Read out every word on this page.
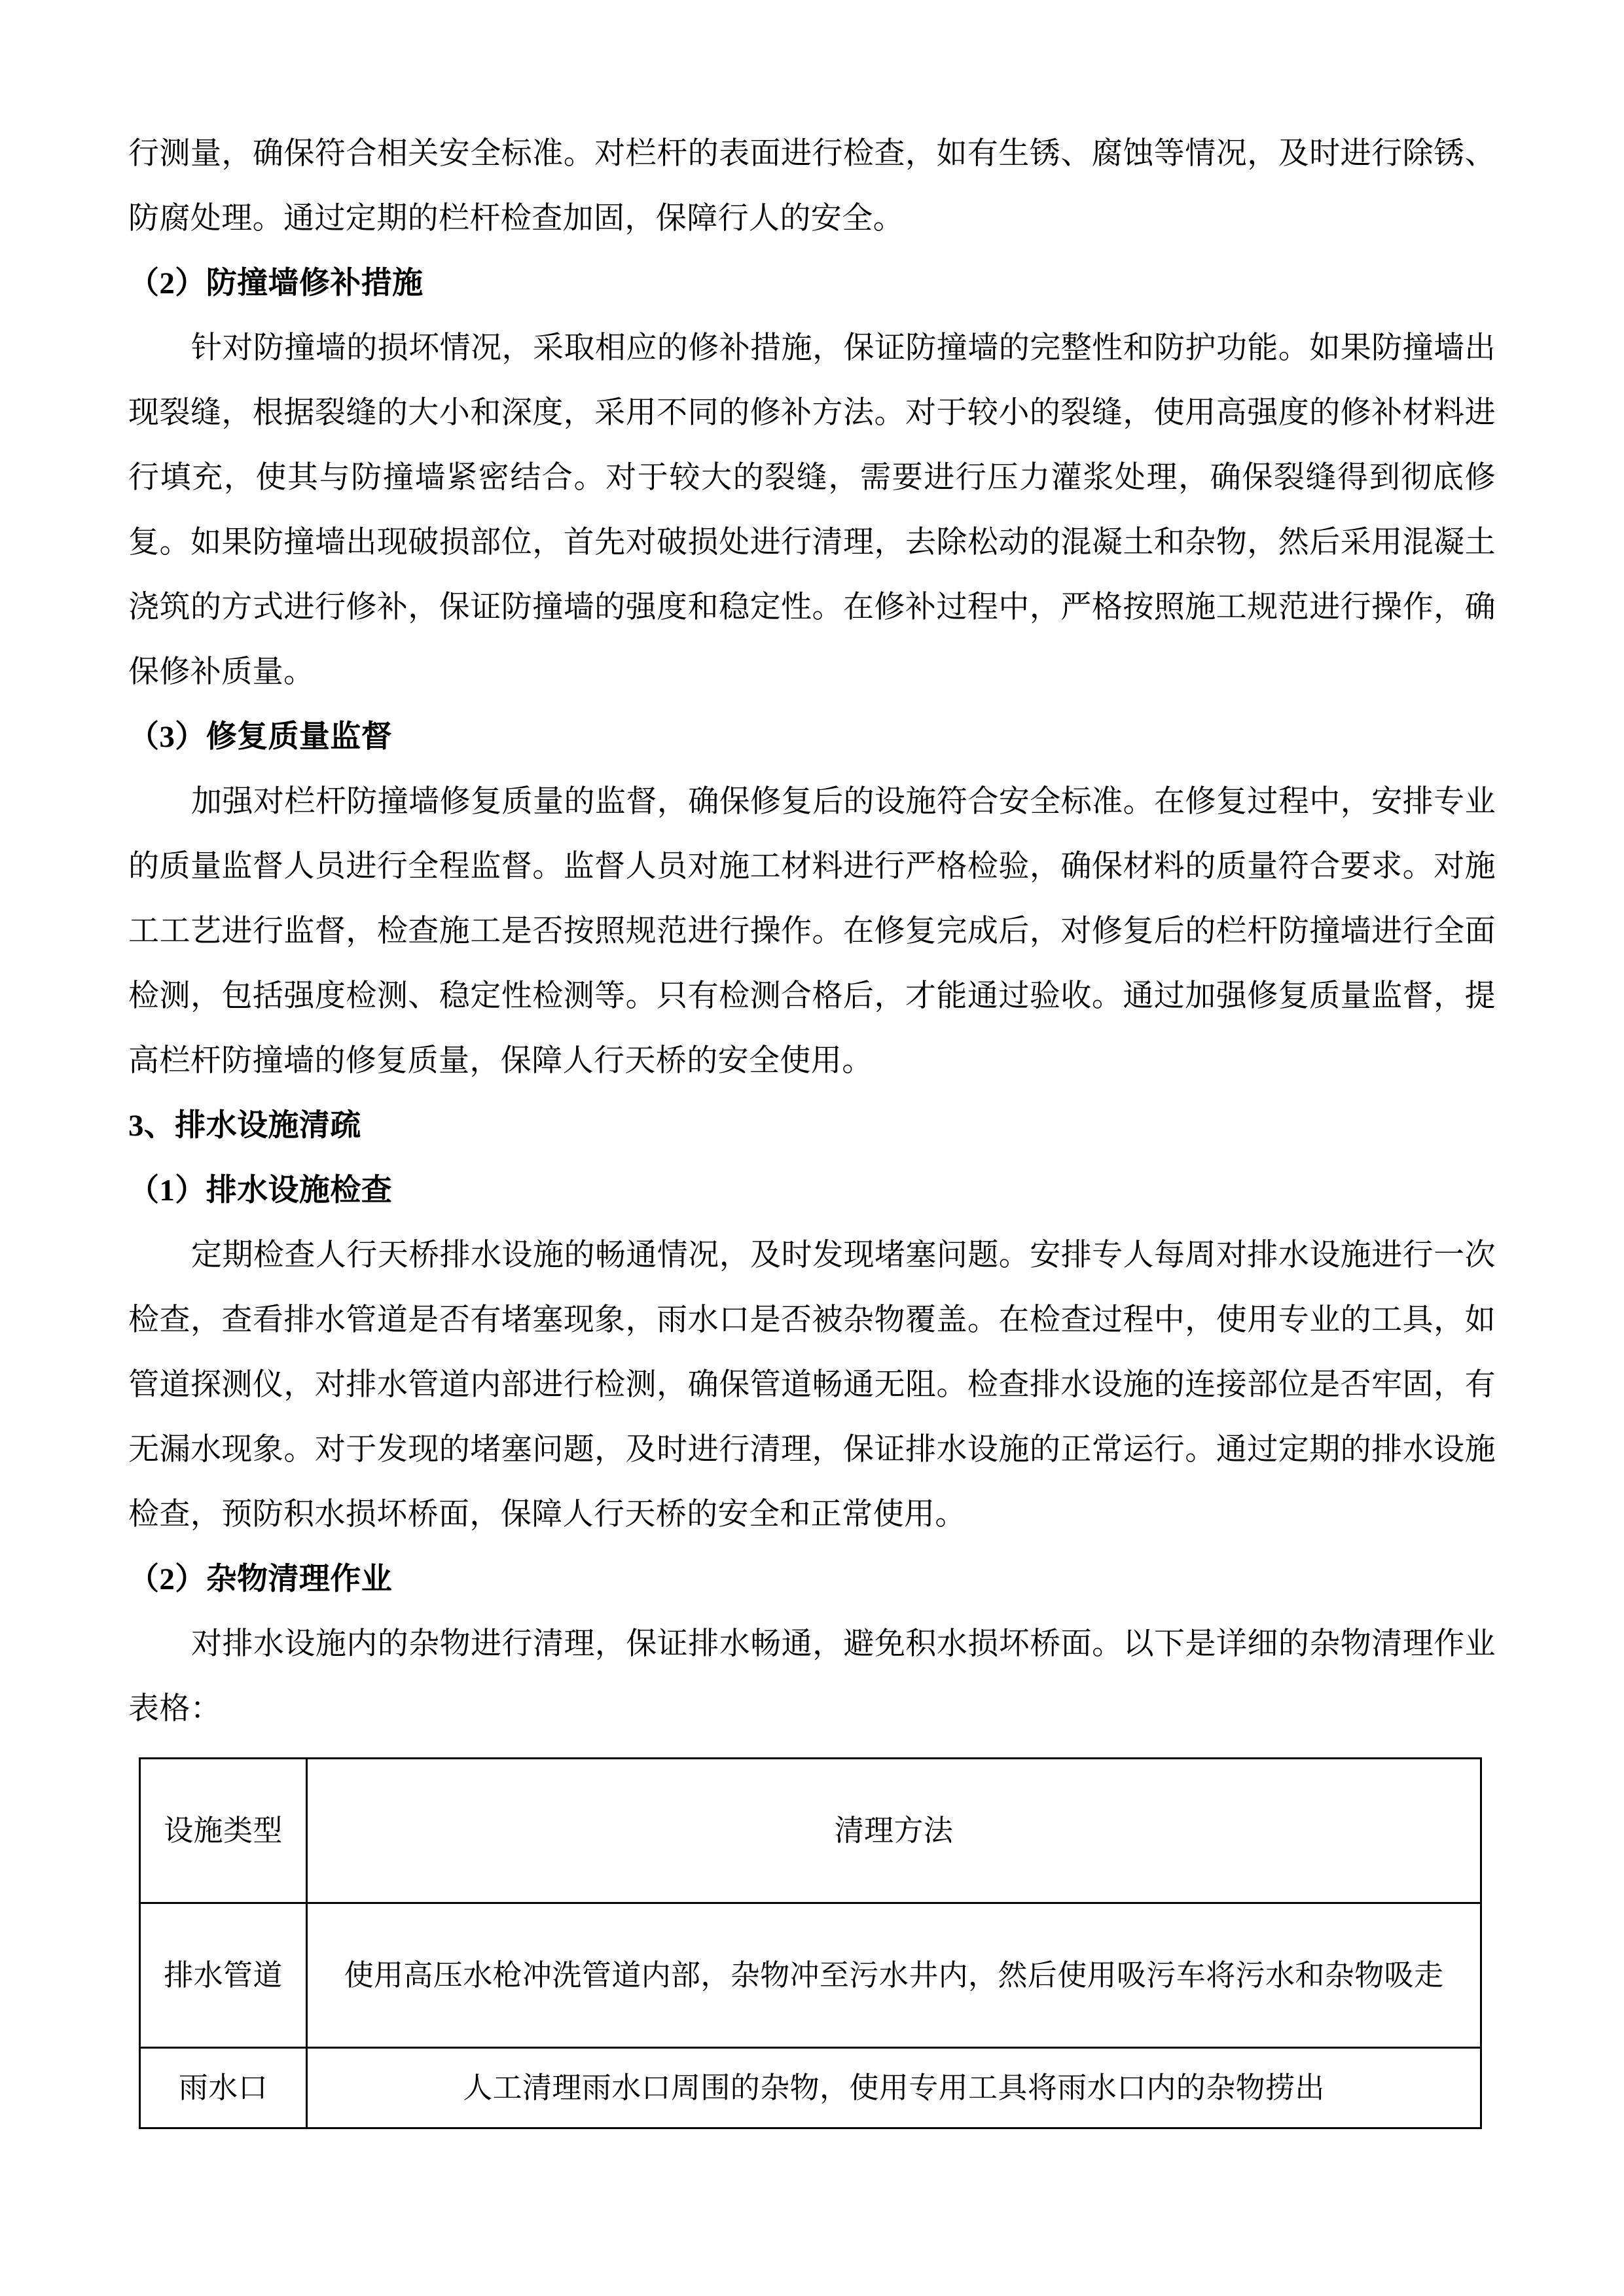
行测量，确保符合相关安全标准。对栏杆的表面进行检查，如有生锈、腐蚀等情况，及时进行除锈、防腐处理。通过定期的栏杆检查加固，保障行人的安全。

（2）防撞墙修补措施

针对防撞墙的损坏情况，采取相应的修补措施，保证防撞墙的完整性和防护功能。如果防撞墙出现裂缝，根据裂缝的大小和深度，采用不同的修补方法。对于较小的裂缝，使用高强度的修补材料进行填充，使其与防撞墙紧密结合。对于较大的裂缝，需要进行压力灌浆处理，确保裂缝得到彻底修复。如果防撞墙出现破损部位，首先对破损处进行清理，去除松动的混凝土和杂物，然后采用混凝土浇筑的方式进行修补，保证防撞墙的强度和稳定性。在修补过程中，严格按照施工规范进行操作，确保修补质量。

（3）修复质量监督

加强对栏杆防撞墙修复质量的监督，确保修复后的设施符合安全标准。在修复过程中，安排专业的质量监督人员进行全程监督。监督人员对施工材料进行严格检验，确保材料的质量符合要求。对施工工艺进行监督，检查施工是否按照规范进行操作。在修复完成后，对修复后的栏杆防撞墙进行全面检测，包括强度检测、稳定性检测等。只有检测合格后，才能通过验收。通过加强修复质量监督，提高栏杆防撞墙的修复质量，保障人行天桥的安全使用。

3、排水设施清疏

（1）排水设施检查

定期检查人行天桥排水设施的畅通情况，及时发现堵塞问题。安排专人每周对排水设施进行一次检查，查看排水管道是否有堵塞现象，雨水口是否被杂物覆盖。在检查过程中，使用专业的工具，如管道探测仪，对排水管道内部进行检测，确保管道畅通无阻。检查排水设施的连接部位是否牢固，有无漏水现象。对于发现的堵塞问题，及时进行清理，保证排水设施的正常运行。通过定期的排水设施检查，预防积水损坏桥面，保障人行天桥的安全和正常使用。

（2）杂物清理作业

对排水设施内的杂物进行清理，保证排水畅通，避免积水损坏桥面。以下是详细的杂物清理作业表格：

设施类型	清理方法
排水管道	使用高压水枪冲洗管道内部，杂物冲至污水井内，然后使用吸污车将污水和杂物吸走
雨水口	人工清理雨水口周围的杂物，使用专用工具将雨水口内的杂物捞出
